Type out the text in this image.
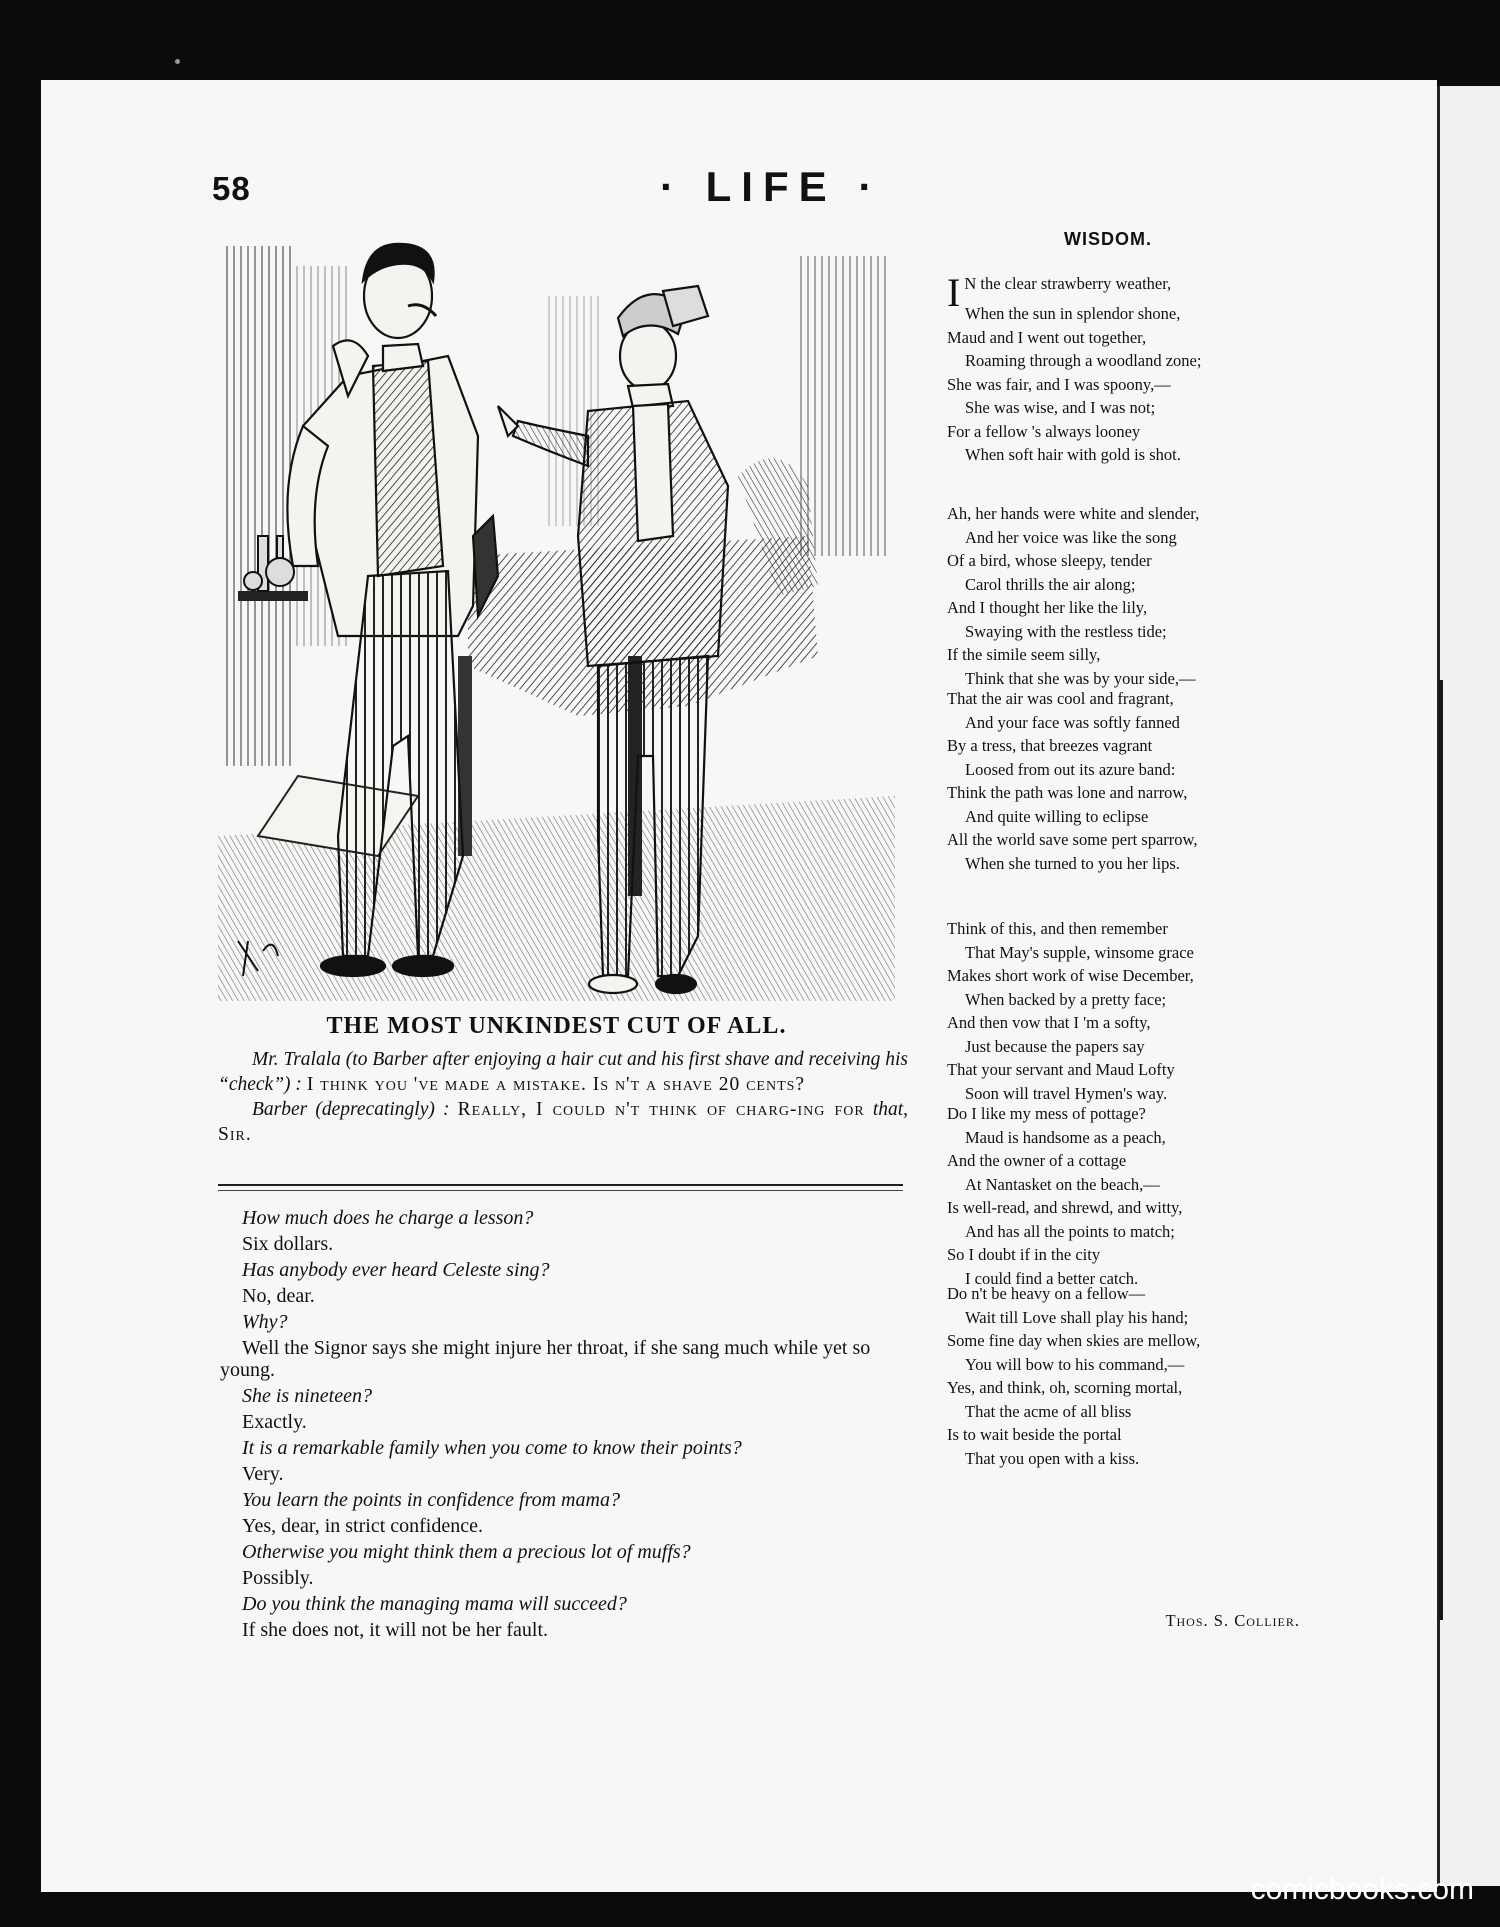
58	· LIFE ·
THE MOST UNKINDEST CUT OF ALL.

Mr. Tralala (to Barber after enjoying a hair cut and his first shave and receiving his “check”) : I think you 've made a mistake. Is n't a shave 20 cents?

Barber (deprecatingly) : Really, I could n't think of charg-ing for that, Sir.

How much does he charge a lesson?
Six dollars.
Has anybody ever heard Celeste sing?
No, dear.
Why?
Well the Signor says she might injure her throat, if she sang much while yet so young.
She is nineteen?
Exactly.
It is a remarkable family when you come to know their points?
Very.
You learn the points in confidence from mama?
Yes, dear, in strict confidence.
Otherwise you might think them a precious lot of muffs?
Possibly.
Do you think the managing mama will succeed?
If she does not, it will not be her fault.
WISDOM.
I N the clear strawberry weather,
When the sun in splendor shone,
Maud and I went out together,
Roaming through a woodland zone;
She was fair, and I was spoony,—
She was wise, and I was not;
For a fellow 's always looney
When soft hair with gold is shot.
Ah, her hands were white and slender,
And her voice was like the song
Of a bird, whose sleepy, tender
Carol thrills the air along;
And I thought her like the lily,
Swaying with the restless tide;
If the simile seem silly,
Think that she was by your side,—
That the air was cool and fragrant,
And your face was softly fanned
By a tress, that breezes vagrant
Loosed from out its azure band:
Think the path was lone and narrow,
And quite willing to eclipse
All the world save some pert sparrow,
When she turned to you her lips.
Think of this, and then remember
That May's supple, winsome grace
Makes short work of wise December,
When backed by a pretty face;
And then vow that I 'm a softy,
Just because the papers say
That your servant and Maud Lofty
Soon will travel Hymen's way.
Do I like my mess of pottage?
Maud is handsome as a peach,
And the owner of a cottage
At Nantasket on the beach,—
Is well-read, and shrewd, and witty,
And has all the points to match;
So I doubt if in the city
I could find a better catch.
Do n't be heavy on a fellow—
Wait till Love shall play his hand;
Some fine day when skies are mellow,
You will bow to his command,—
Yes, and think, oh, scorning mortal,
That the acme of all bliss
Is to wait beside the portal
That you open with a kiss.
Thos. S. Collier.
comicbooks.com
